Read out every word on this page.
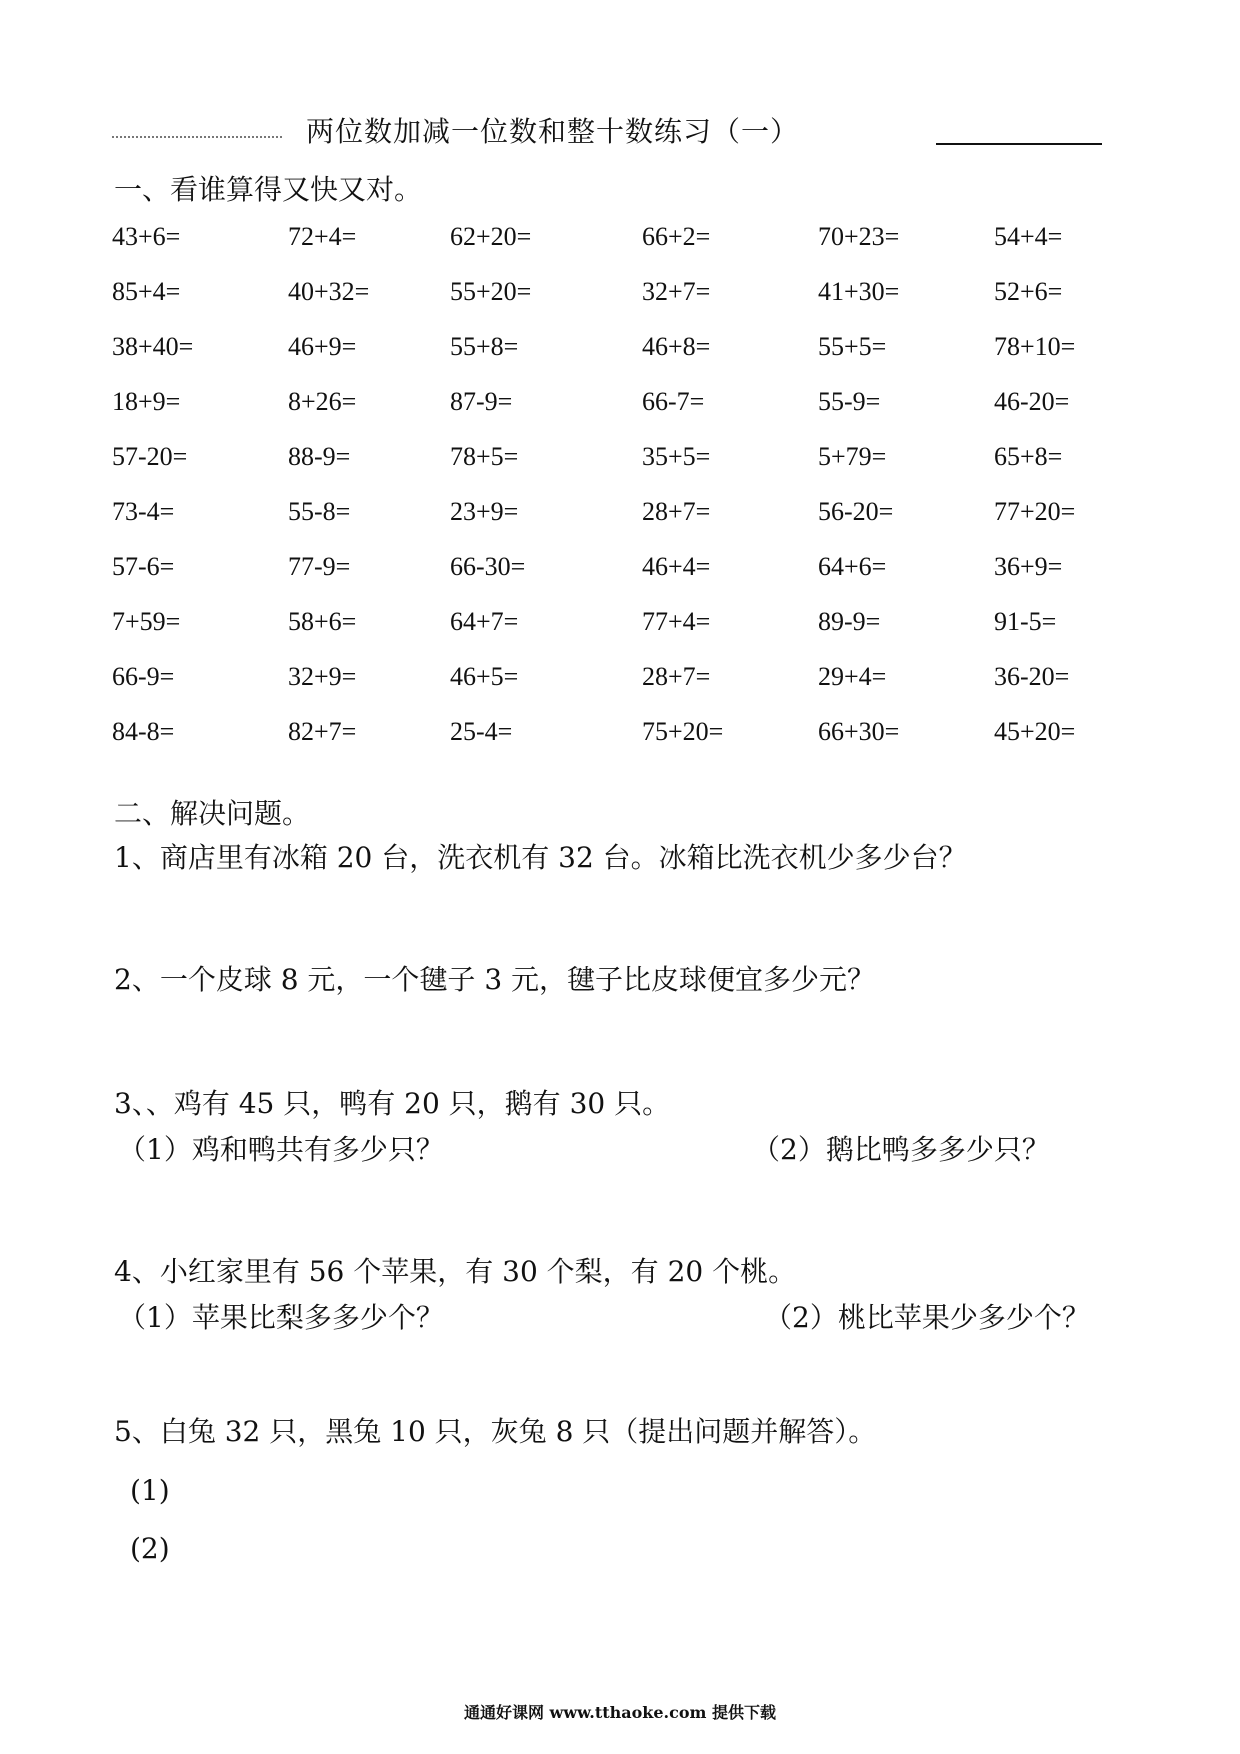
两位数加减一位数和整十数练习（一）
一、看谁算得又快又对。
43+6=	72+4=	62+20=	66+2=	70+23=	54+4=
85+4=	40+32=	55+20=	32+7=	41+30=	52+6=
38+40=	46+9=	55+8=	46+8=	55+5=	78+10=
18+9=	8+26=	87-9=	66-7=	55-9=	46-20=
57-20=	88-9=	78+5=	35+5=	5+79=	65+8=
73-4=	55-8=	23+9=	28+7=	56-20=	77+20=
57-6=	77-9=	66-30=	46+4=	64+6=	36+9=
7+59=	58+6=	64+7=	77+4=	89-9=	91-5=
66-9=	32+9=	46+5=	28+7=	29+4=	36-20=
84-8=	82+7=	25-4=	75+20=	66+30=	45+20=
二、解决问题。
1、商店里有冰箱 20 台，洗衣机有 32 台。冰箱比洗衣机少多少台？
2、一个皮球 8 元，一个毽子 3 元，毽子比皮球便宜多少元？
3、、鸡有 45 只，鸭有 20 只，鹅有 30 只。
（1）鸡和鸭共有多少只？	（2）鹅比鸭多多少只？
4、小红家里有 56 个苹果，有 30 个梨，有 20 个桃。
（1）苹果比梨多多少个？	（2）桃比苹果少多少个？
5、白兔 32 只，黑兔 10 只，灰兔 8 只（提出问题并解答）。
(1)
(2)
通通好课网 www.tthaoke.com 提供下载
